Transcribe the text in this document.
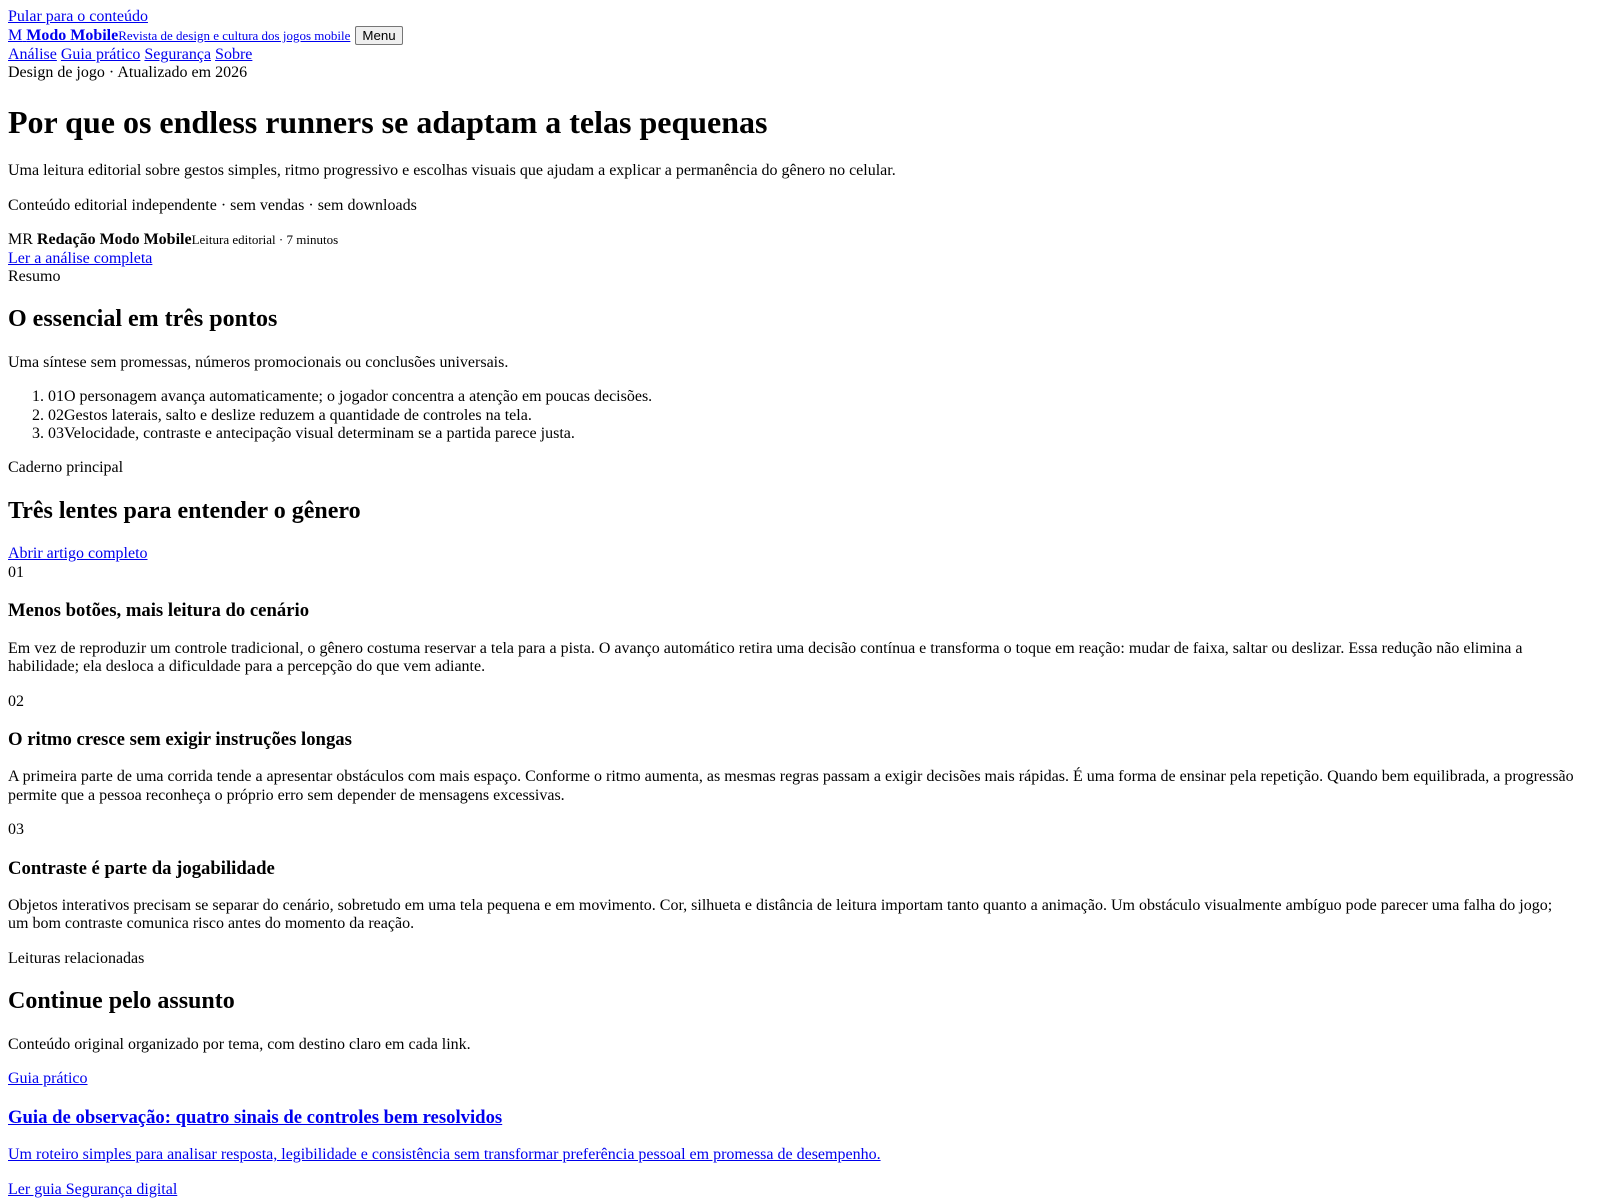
Pular para o conteúdo
M Modo MobileRevista de design e cultura dos jogos mobile Menu
Análise Guia prático Segurança Sobre
Design de jogo · Atualizado em 2026
Por que os endless runners se adaptam a telas pequenas

Uma leitura editorial sobre gestos simples, ritmo progressivo e escolhas visuais que ajudam a explicar a permanência do gênero no celular.

Conteúdo editorial independente · sem vendas · sem downloads

MR Redação Modo MobileLeitura editorial · 7 minutos
Ler a análise completa
Resumo
O essencial em três pontos

Uma síntese sem promessas, números promocionais ou conclusões universais.

1. 01O personagem avança automaticamente; o jogador concentra a atenção em poucas decisões.
2. 02Gestos laterais, salto e deslize reduzem a quantidade de controles na tela.
3. 03Velocidade, contraste e antecipação visual determinam se a partida parece justa.
Caderno principal
Três lentes para entender o gênero
Abrir artigo completo
01
Menos botões, mais leitura do cenário

Em vez de reproduzir um controle tradicional, o gênero costuma reservar a tela para a pista. O avanço automático retira uma decisão contínua e transforma o toque em reação: mudar de faixa, saltar ou deslizar. Essa redução não elimina a habilidade; ela desloca a dificuldade para a percepção do que vem adiante.

02
O ritmo cresce sem exigir instruções longas

A primeira parte de uma corrida tende a apresentar obstáculos com mais espaço. Conforme o ritmo aumenta, as mesmas regras passam a exigir decisões mais rápidas. É uma forma de ensinar pela repetição. Quando bem equilibrada, a progressão permite que a pessoa reconheça o próprio erro sem depender de mensagens excessivas.

03
Contraste é parte da jogabilidade

Objetos interativos precisam se separar do cenário, sobretudo em uma tela pequena e em movimento. Cor, silhueta e distância de leitura importam tanto quanto a animação. Um obstáculo visualmente ambíguo pode parecer uma falha do jogo; um bom contraste comunica risco antes do momento da reação.

Leituras relacionadas
Continue pelo assunto

Conteúdo original organizado por tema, com destino claro em cada link.

Guia prático

Guia de observação: quatro sinais de controles bem resolvidos

Um roteiro simples para analisar resposta, legibilidade e consistência sem transformar preferência pessoal em promessa de desempenho.

Ler guia Segurança digital
